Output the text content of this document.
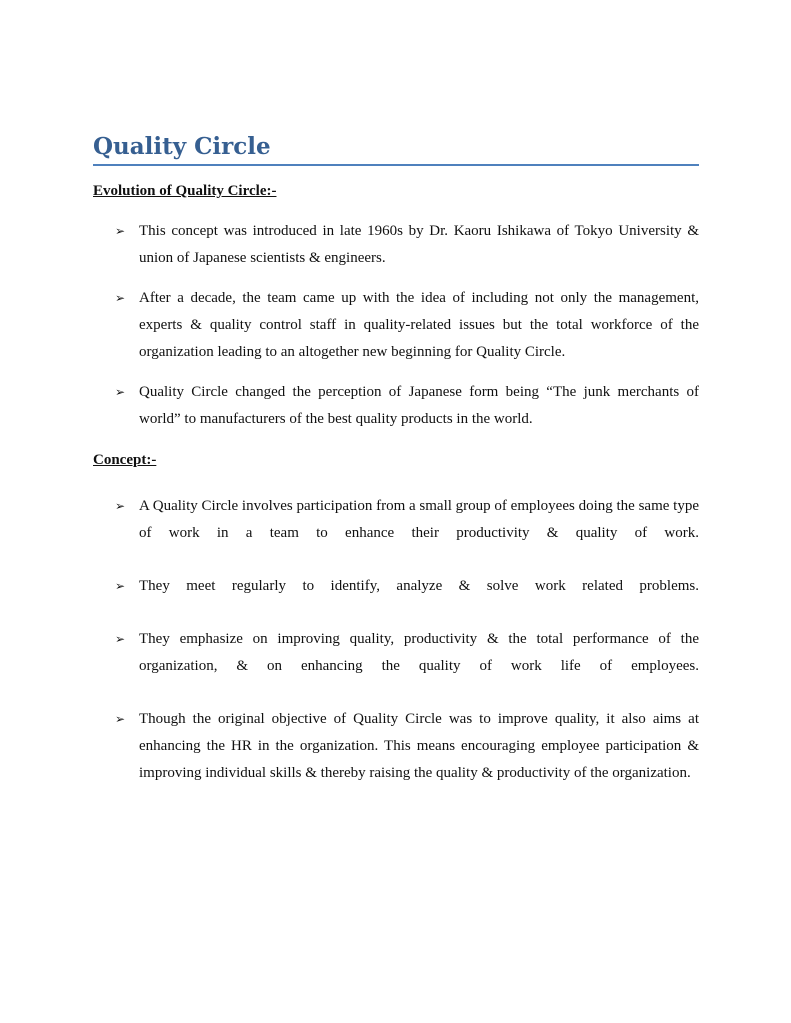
Quality Circle
Evolution of Quality Circle:-
➢ This concept was introduced in late 1960s by Dr. Kaoru Ishikawa of Tokyo University & union of Japanese scientists & engineers.
➢ After a decade, the team came up with the idea of including not only the management, experts & quality control staff in quality-related issues but the total workforce of the organization leading to an altogether new beginning for Quality Circle.
➢ Quality Circle changed the perception of Japanese form being “The junk merchants of world” to manufacturers of the best quality products in the world.
Concept:-
➢ A Quality Circle involves participation from a small group of employees doing the same type of work in a team to enhance their productivity & quality of work.
➢ They meet regularly to identify, analyze & solve work related problems.
➢ They emphasize on improving quality, productivity & the total performance of the organization, & on enhancing the quality of work life of employees.
➢ Though the original objective of Quality Circle was to improve quality, it also aims at enhancing the HR in the organization. This means encouraging employee participation & improving individual skills & thereby raising the quality & productivity of the organization.
